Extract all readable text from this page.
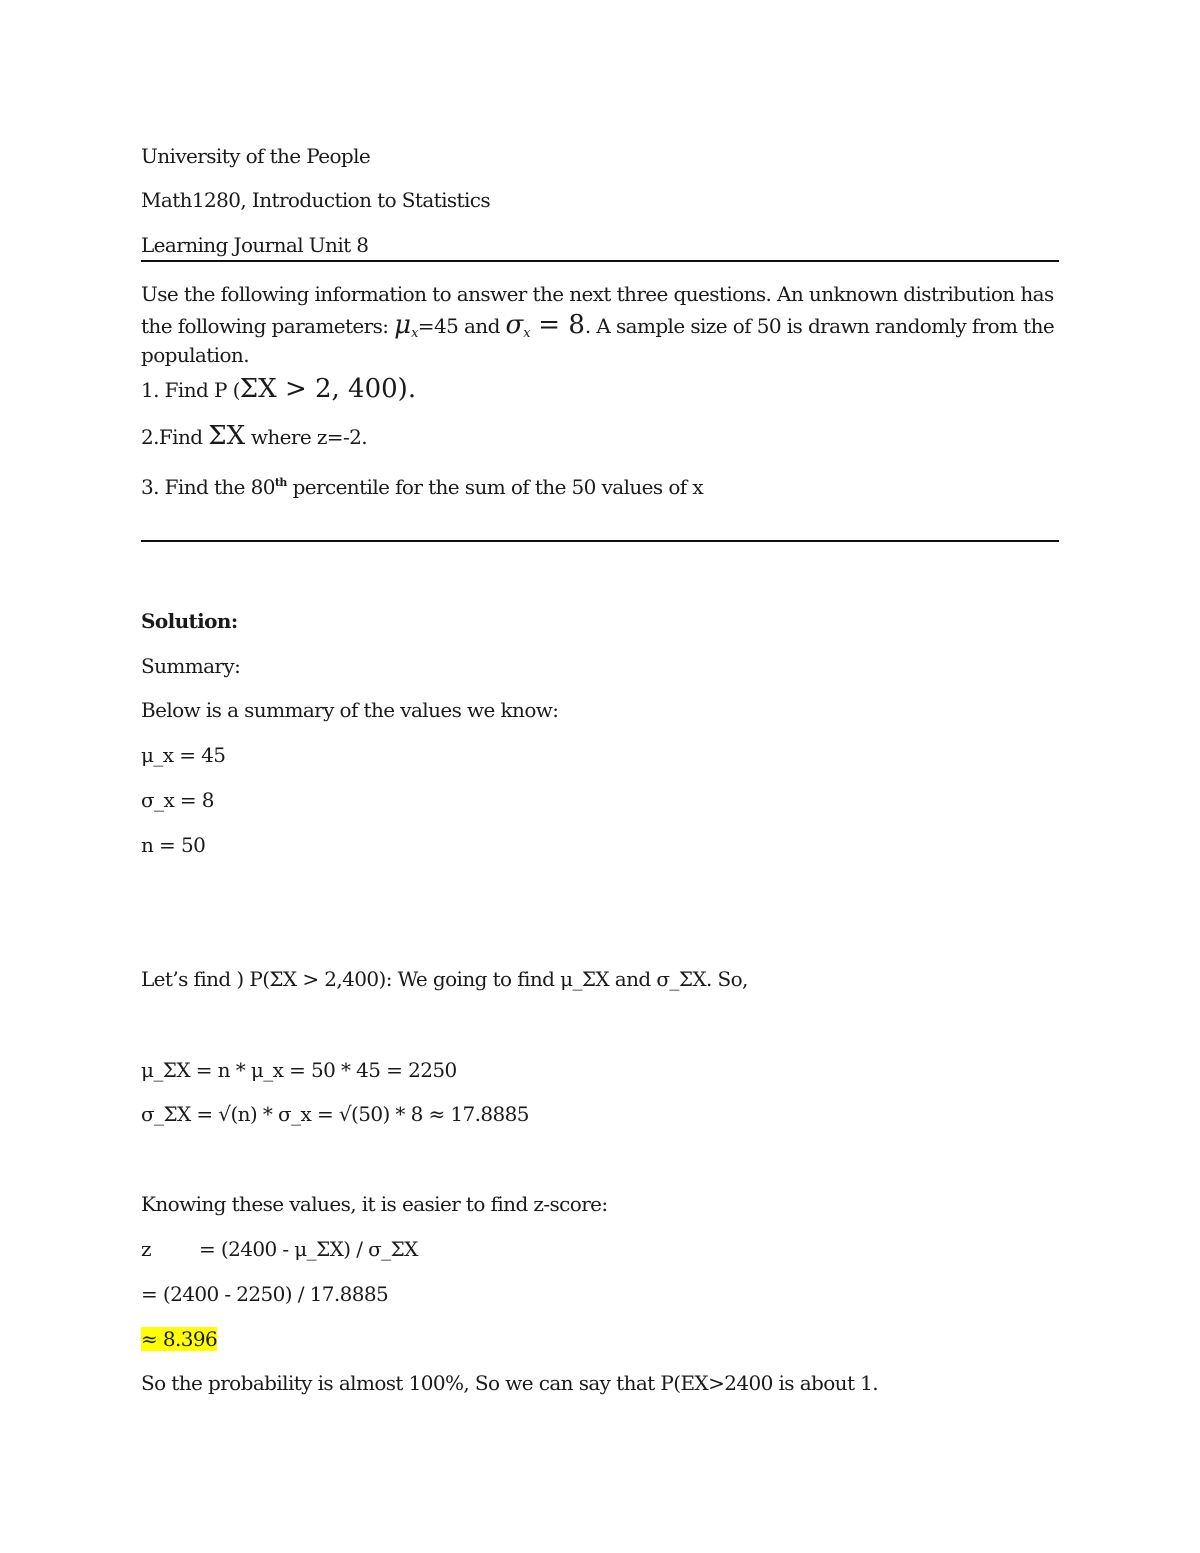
University of the People
Math1280, Introduction to Statistics
Learning Journal Unit 8
Use the following information to answer the next three questions. An unknown distribution has
the following parameters: $\mu_x=45$ and $\sigma_x = 8$. A sample size of 50 is drawn randomly from the
population.
1. Find P (ΣX > 2, 400).
2.Find ΣX where z=-2.
3. Find the 80th percentile for the sum of the 50 values of x
Solution:
Summary:
Below is a summary of the values we know:
μ_x = 45
σ_x = 8
n = 50
Let’s find ) P(ΣX > 2,400): We going to find μ_ΣX and σ_ΣX. So,
μ_ΣX = n * μ_x = 50 * 45 = 2250
σ_ΣX = √(n) * σ_x = √(50) * 8 ≈ 17.8885
Knowing these values, it is easier to find z-score:
z = (2400 - μ_ΣX) / σ_ΣX
= (2400 - 2250) / 17.8885
≈ 8.396
So the probability is almost 100%, So we can say that P(EX>2400 is about 1.
